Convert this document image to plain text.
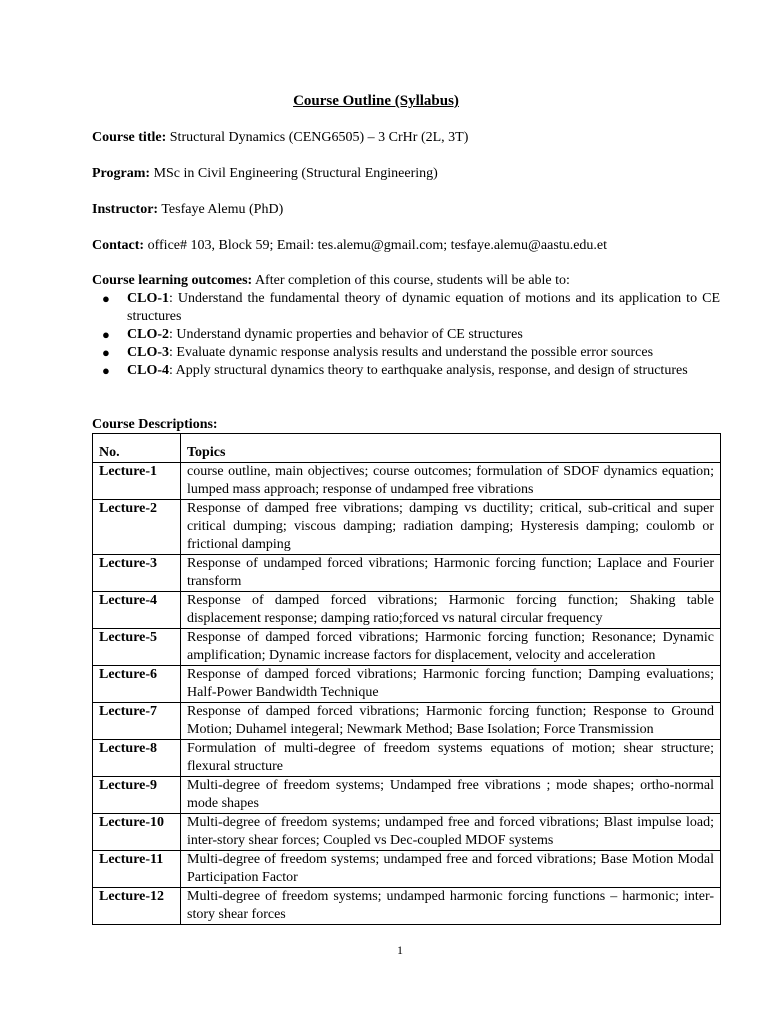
Course Outline (Syllabus)

Course title: Structural Dynamics (CENG6505) – 3 CrHr (2L, 3T)

Program: MSc in Civil Engineering (Structural Engineering)

Instructor: Tesfaye Alemu (PhD)

Contact: office# 103, Block 59; Email: tes.alemu@gmail.com; tesfaye.alemu@aastu.edu.et

Course learning outcomes: After completion of this course, students will be able to:

● CLO-1: Understand the fundamental theory of dynamic equation of motions and its application to CE structures
● CLO-2: Understand dynamic properties and behavior of CE structures
● CLO-3: Evaluate dynamic response analysis results and understand the possible error sources
● CLO-4: Apply structural dynamics theory to earthquake analysis, response, and design of structures

Course Descriptions:

No.	Topics
Lecture-1	course outline, main objectives; course outcomes; formulation of SDOF dynamics equation; lumped mass approach; response of undamped free vibrations
Lecture-2	Response of damped free vibrations; damping vs ductility; critical, sub-critical and super critical dumping; viscous damping; radiation damping; Hysteresis damping; coulomb or frictional damping
Lecture-3	Response of undamped forced vibrations; Harmonic forcing function; Laplace and Fourier transform
Lecture-4	Response of damped forced vibrations; Harmonic forcing function; Shaking table displacement response; damping ratio;forced vs natural circular frequency
Lecture-5	Response of damped forced vibrations; Harmonic forcing function; Resonance; Dynamic amplification; Dynamic increase factors for displacement, velocity and acceleration
Lecture-6	Response of damped forced vibrations; Harmonic forcing function; Damping evaluations; Half-Power Bandwidth Technique
Lecture-7	Response of damped forced vibrations; Harmonic forcing function; Response to Ground Motion; Duhamel integeral; Newmark Method; Base Isolation; Force Transmission
Lecture-8	Formulation of multi-degree of freedom systems equations of motion; shear structure; flexural structure
Lecture-9	Multi-degree of freedom systems; Undamped free vibrations ; mode shapes; ortho-normal mode shapes
Lecture-10	Multi-degree of freedom systems; undamped free and forced vibrations; Blast impulse load; inter-story shear forces; Coupled vs Dec-coupled MDOF systems
Lecture-11	Multi-degree of freedom systems; undamped free and forced vibrations; Base Motion Modal Participation Factor
Lecture-12	Multi-degree of freedom systems; undamped harmonic forcing functions – harmonic; inter-story shear forces

1
